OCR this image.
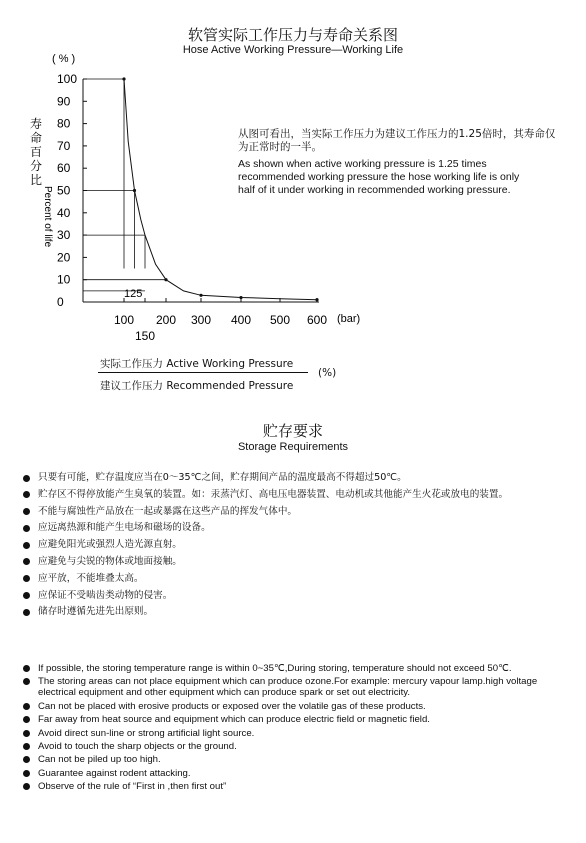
软管实际工作压力与寿命关系图
Hose Active Working Pressure—Working Life
( % )
寿命百分比
Percent of life
(bar)
125
0
10
20
30
40
50
60
70
80
90
100
100 200 300 400 500 600
150
从图可看出，当实际工作压力为建议工作压力的1.25倍时，其寿命仅为正常时的一半。
As shown when active working pressure is 1.25 times recommended working pressure the hose working life is only half of it under working in recommended working pressure.
实际工作压力 Active Working Pressure
建议工作压力 Recommended Pressure
(%)
贮存要求
Storage Requirements
只要有可能，贮存温度应当在0～35℃之间，贮存期间产品的温度最高不得超过50℃。
贮存区不得停放能产生臭氧的装置。如：汞蒸汽灯、高电压电器装置、电动机或其他能产生火花或放电的装置。
不能与腐蚀性产品放在一起或暴露在这些产品的挥发气体中。
应远离热源和能产生电场和磁场的设备。
应避免阳光或强烈人造光源直射。
应避免与尖锐的物体或地面接触。
应平放，不能堆叠太高。
应保证不受啮齿类动物的侵害。
储存时遵循先进先出原则。
If possible, the storing temperature range is within 0~35℃,During storing, temperature should not exceed 50℃.
The storing areas can not place equipment which can produce ozone.For example: mercury vapour lamp.high voltage electrical equipment and other equipment which can produce spark or set out electricity.
Can not be placed with erosive products or exposed over the volatile gas of these products.
Far away from heat source and equipment which can produce electric field or magnetic field.
Avoid direct sun-line or strong artificial light source.
Avoid to touch the sharp objects or the ground.
Can not be piled up too high.
Guarantee against rodent attacking.
Observe of the rule of “First in ,then first out”
